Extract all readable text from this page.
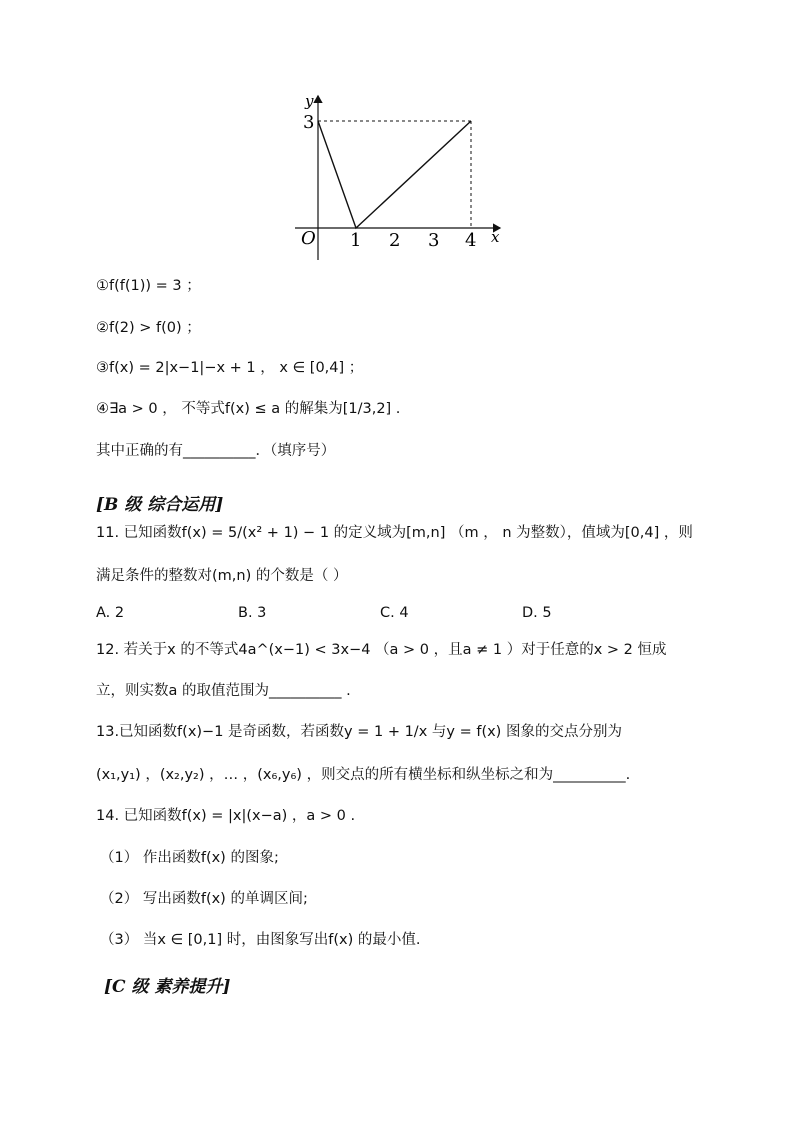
y
x
O
3
1 2 3 4
①f(f(1)) = 3 ；
②f(2) > f(0) ；
③f(x) = 2|x−1|−x + 1 ， x ∈ [0,4] ；
④∃a > 0 ， 不等式f(x) ≤ a 的解集为[1/3,2] .
其中正确的有__________．（填序号）
[B 级 综合运用]
11. 已知函数f(x) = 5/(x² + 1) − 1 的定义域为[m,n] （m ， n 为整数），值域为[0,4] ，则
满足条件的整数对(m,n) 的个数是（ ）
A. 2	B. 3	C. 4	D. 5
12. 若关于x 的不等式4a^(x−1) < 3x−4 （a > 0 ，且a ≠ 1 ）对于任意的x > 2 恒成
立，则实数a 的取值范围为__________ .
13.已知函数f(x)−1 是奇函数，若函数y = 1 + 1/x 与y = f(x) 图象的交点分别为
(x₁,y₁) ，(x₂,y₂) ，… ，(x₆,y₆) ，则交点的所有横坐标和纵坐标之和为__________.
14. 已知函数f(x) = |x|(x−a) ，a > 0 .
（1） 作出函数f(x) 的图象;
（2） 写出函数f(x) 的单调区间;
（3） 当x ∈ [0,1] 时，由图象写出f(x) 的最小值.
[C 级 素养提升]
